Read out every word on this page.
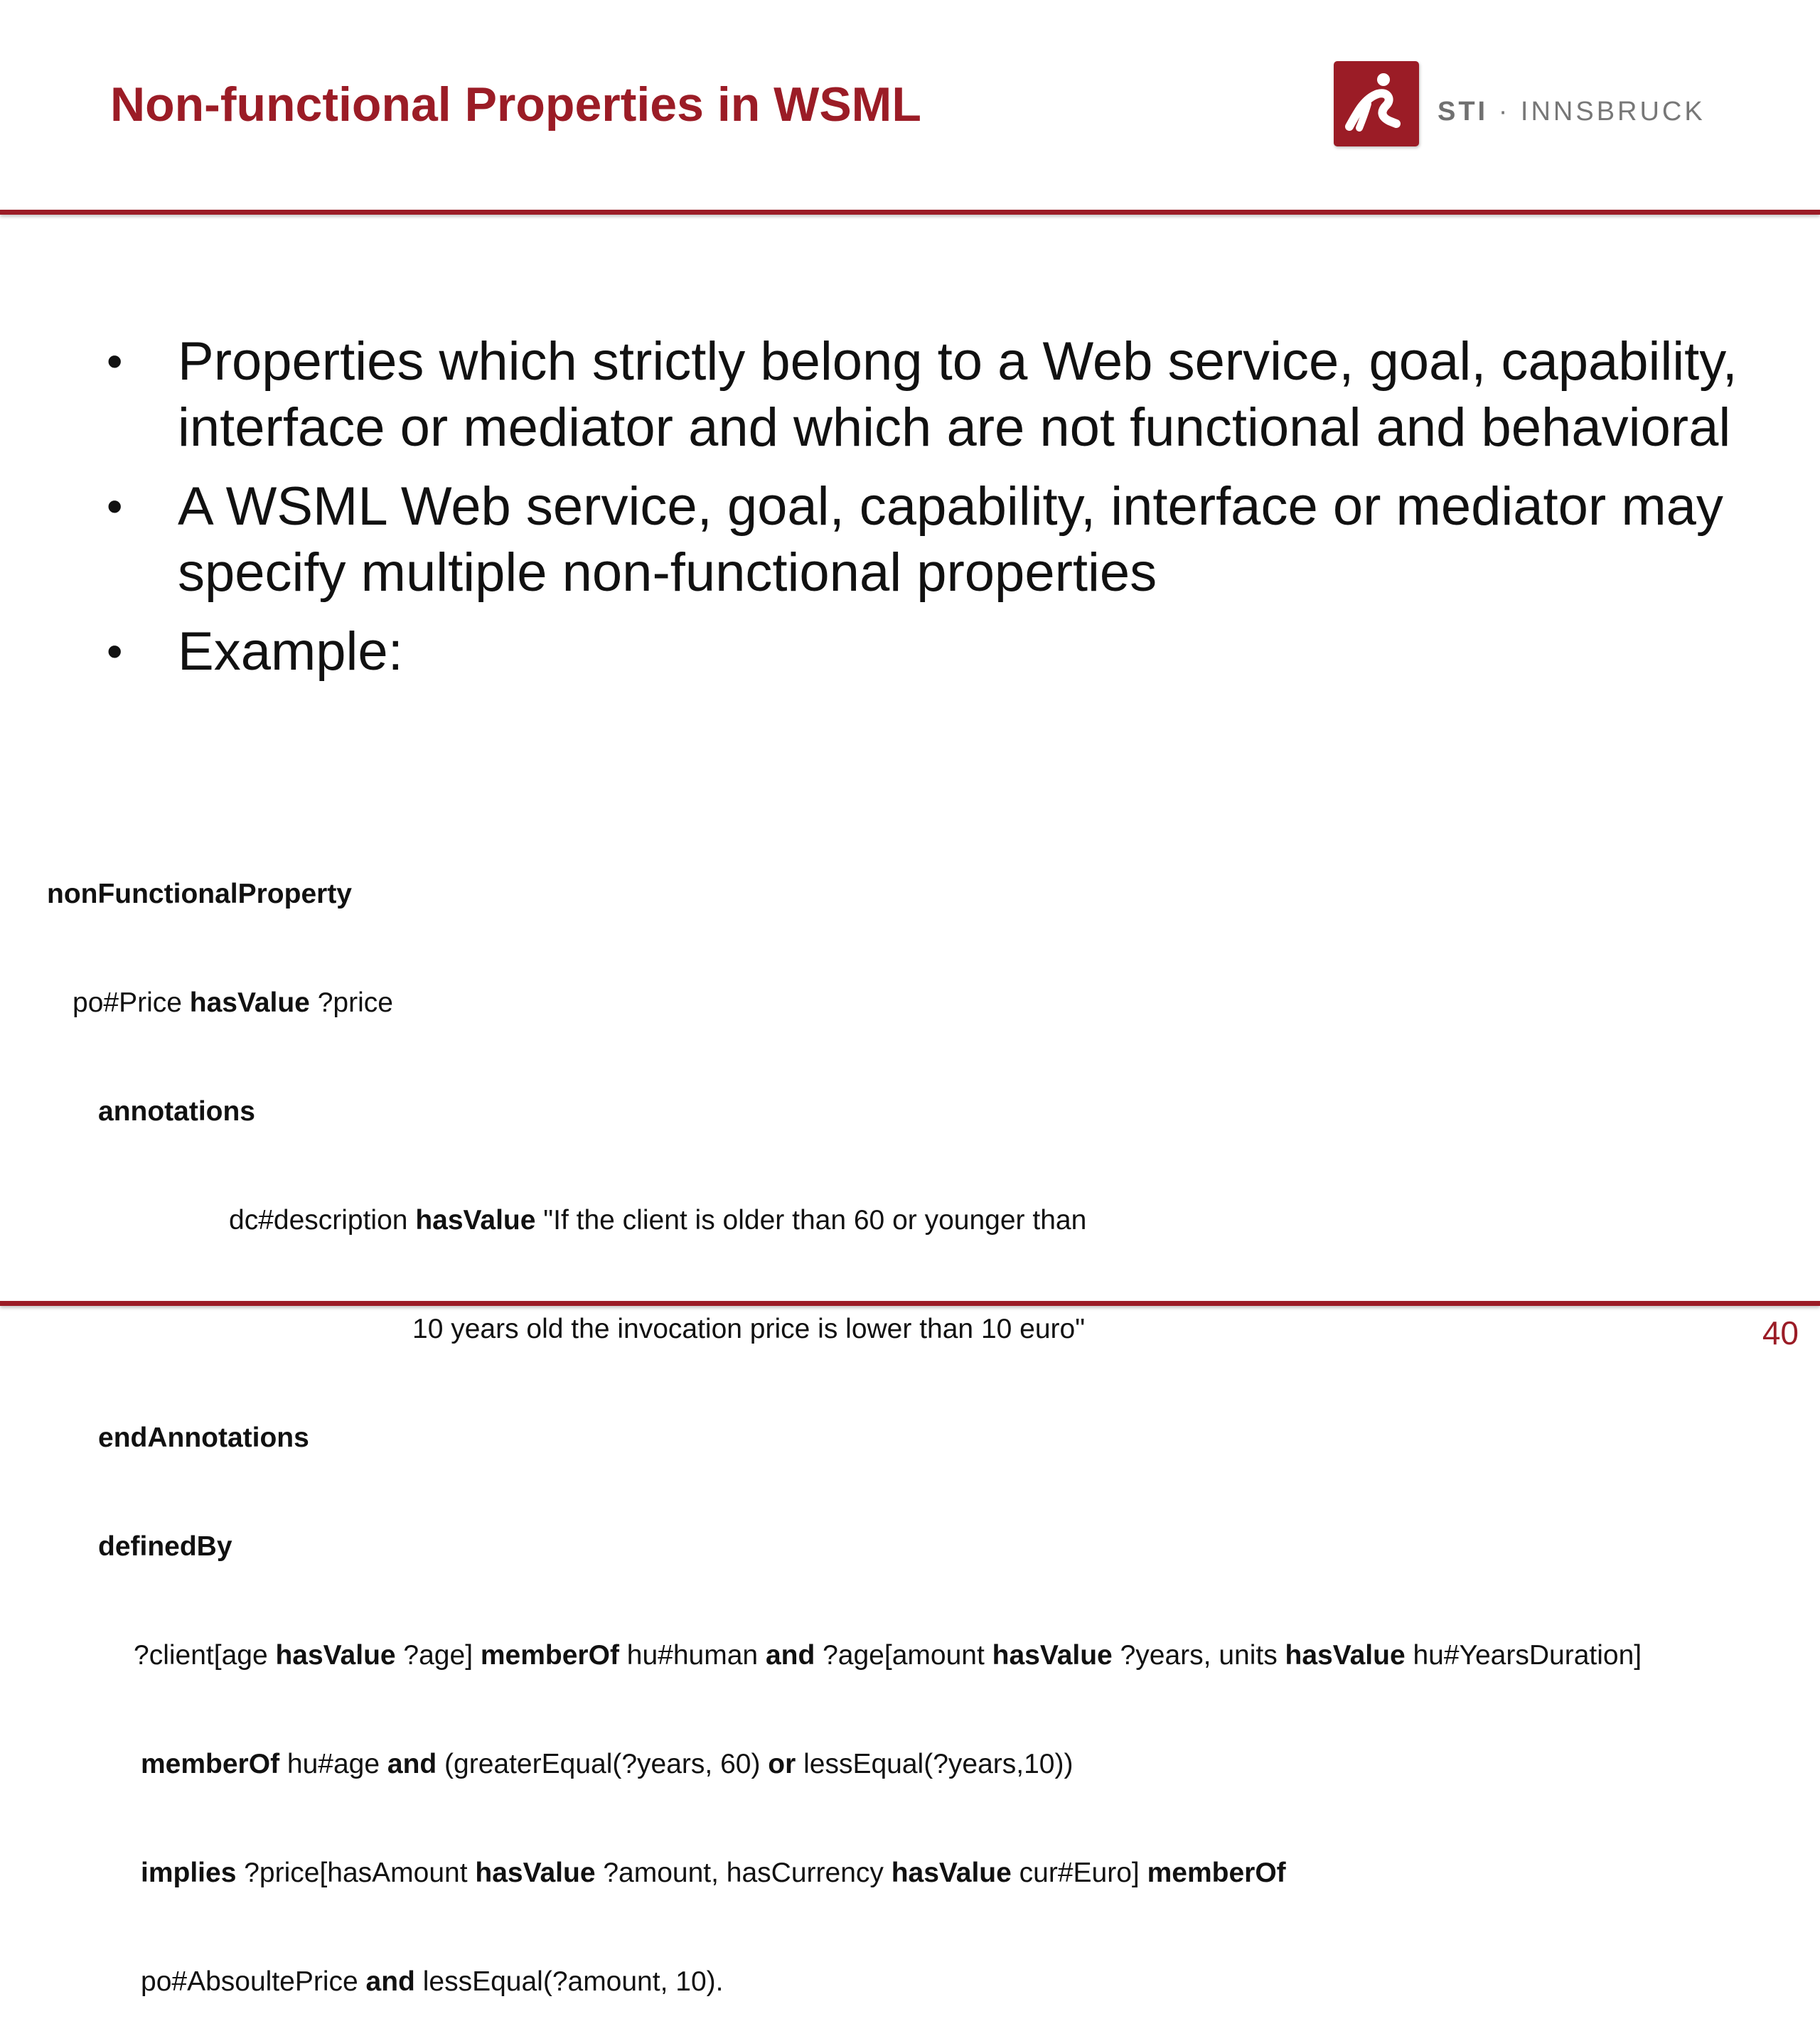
Non-functional Properties in WSML	STI · INNSBRUCK
• Properties which strictly belong to a Web service, goal, capability, interface or mediator and which are not functional and behavioral
• A WSML Web service, goal, capability, interface or mediator may specify multiple non-functional properties
• Example:

nonFunctionalProperty

po#Price hasValue ?price

annotations

dc#description hasValue "If the client is older than 60 or younger than

10 years old the invocation price is lower than 10 euro"

endAnnotations

definedBy

?client[age hasValue ?age] memberOf hu#human and ?age[amount hasValue ?years, units hasValue hu#YearsDuration]

memberOf hu#age and (greaterEqual(?years, 60) or lessEqual(?years,10))

implies ?price[hasAmount hasValue ?amount, hasCurrency hasValue cur#Euro] memberOf

po#AbsoultePrice and lessEqual(?amount, 10).

40
